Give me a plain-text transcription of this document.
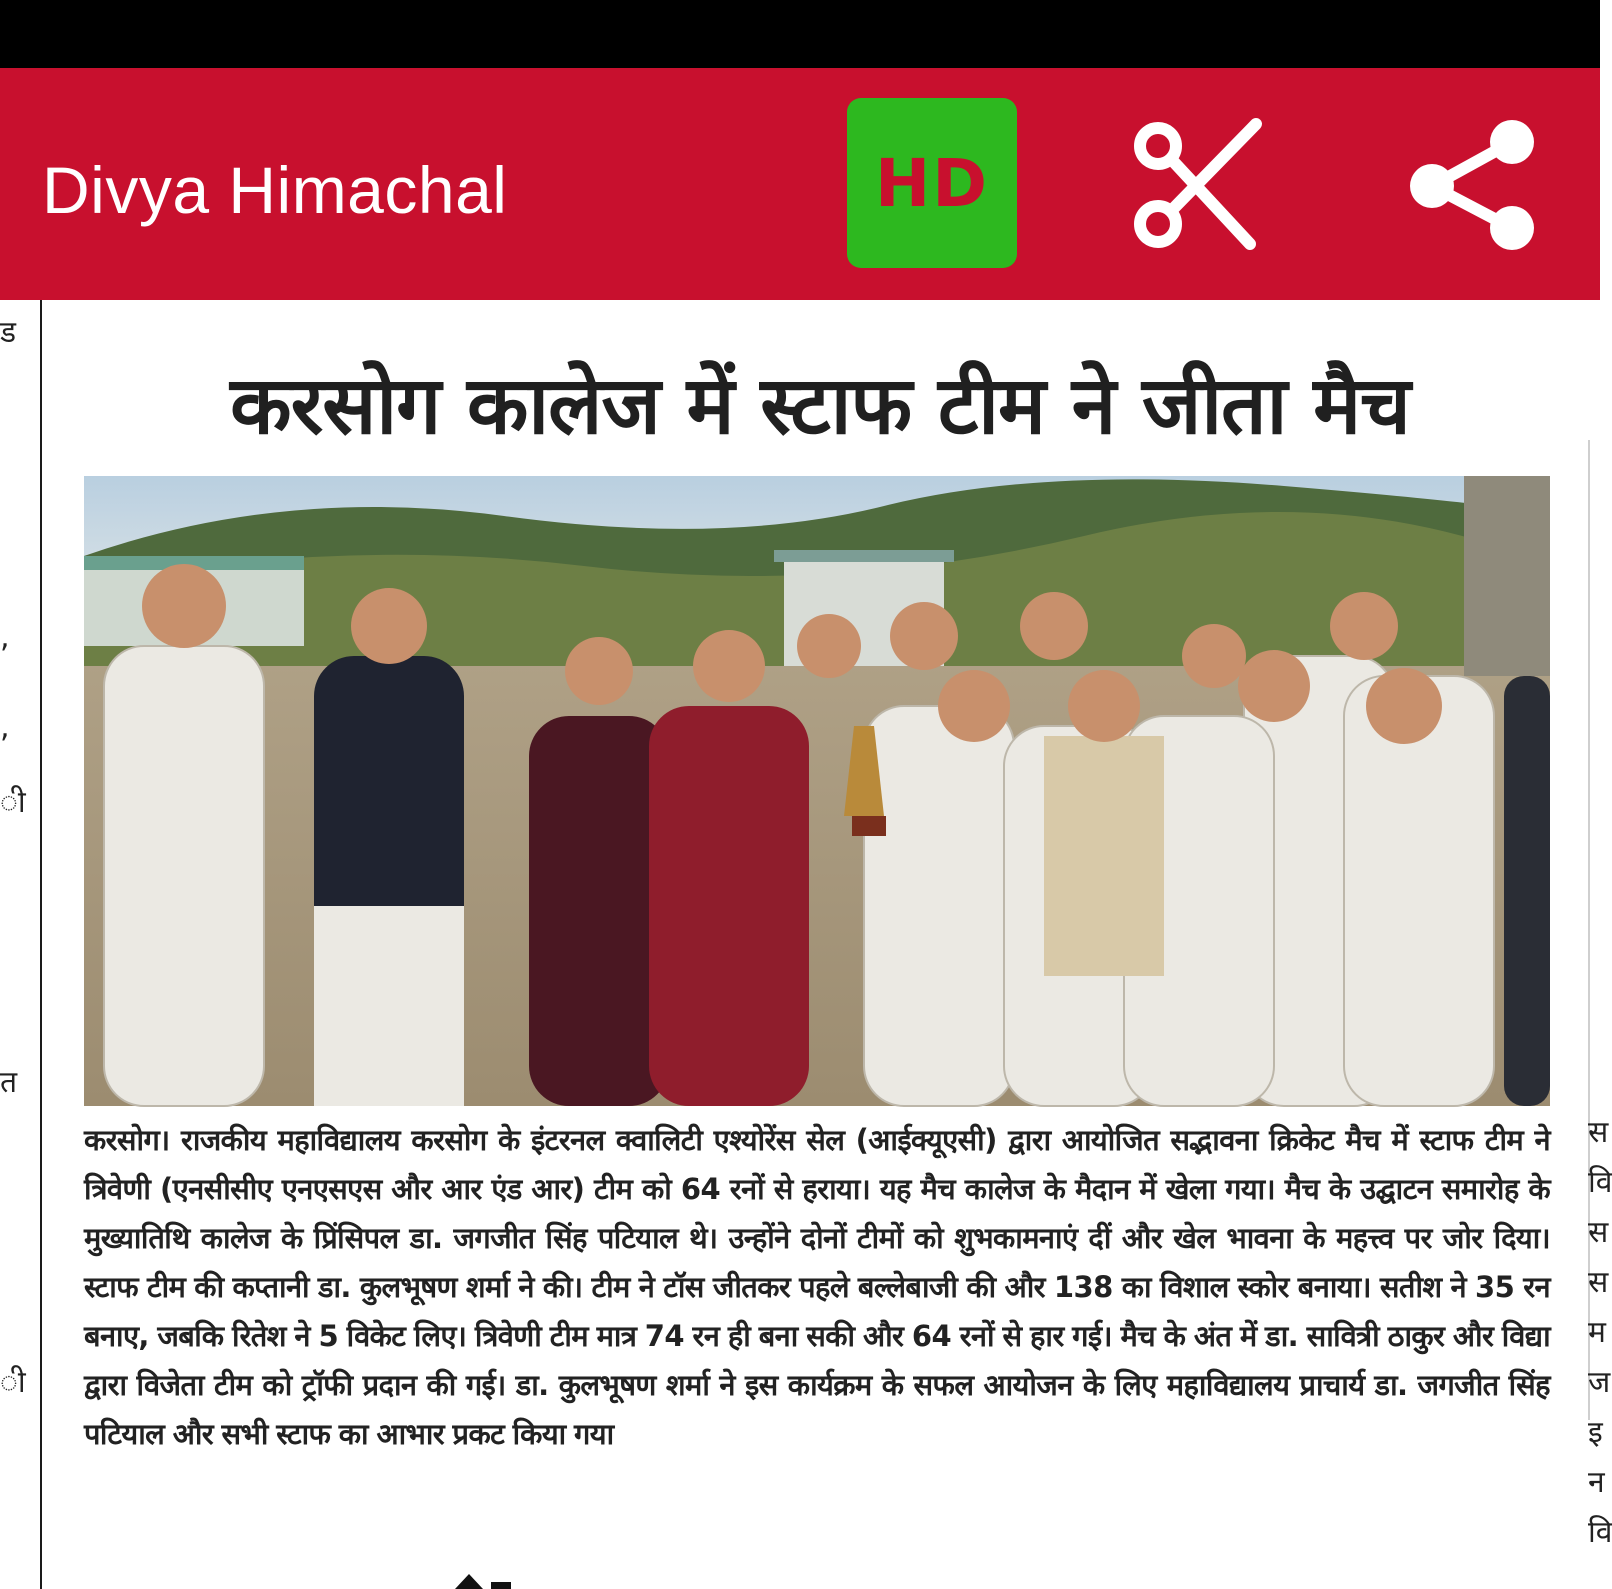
Divya Himachal	HD
ड
,
,
ी
त
ी
करसोग कालेज में स्टाफ टीम ने जीता मैच
करसोग। राजकीय महाविद्यालय करसोग के इंटरनल क्वालिटी एश्योरेंस सेल (आईक्यूएसी) द्वारा आयोजित सद्भावना क्रिकेट मैच में स्टाफ टीम ने त्रिवेणी (एनसीसीए एनएसएस और आर एंड आर) टीम को 64 रनों से हराया। यह मैच कालेज के मैदान में खेला गया। मैच के उद्घाटन समारोह के मुख्यातिथि कालेज के प्रिंसिपल डा. जगजीत सिंह पटियाल थे। उन्होंने दोनों टीमों को शुभकामनाएं दीं और खेल भावना के महत्त्व पर जोर दिया। स्टाफ टीम की कप्तानी डा. कुलभूषण शर्मा ने की। टीम ने टॉस जीतकर पहले बल्लेबाजी की और 138 का विशाल स्कोर बनाया। सतीश ने 35 रन बनाए, जबकि रितेश ने 5 विकेट लिए। त्रिवेणी टीम मात्र 74 रन ही बना सकी और 64 रनों से हार गई। मैच के अंत में डा. सावित्री ठाकुर और विद्या द्वारा विजेता टीम को ट्रॉफी प्रदान की गई। डा. कुलभूषण शर्मा ने इस कार्यक्रम के सफल आयोजन के लिए महाविद्यालय प्राचार्य डा. जगजीत सिंह पटियाल और सभी स्टाफ का आभार प्रकट किया गया
स
वि
स
स
म
ज
इ
न
वि
